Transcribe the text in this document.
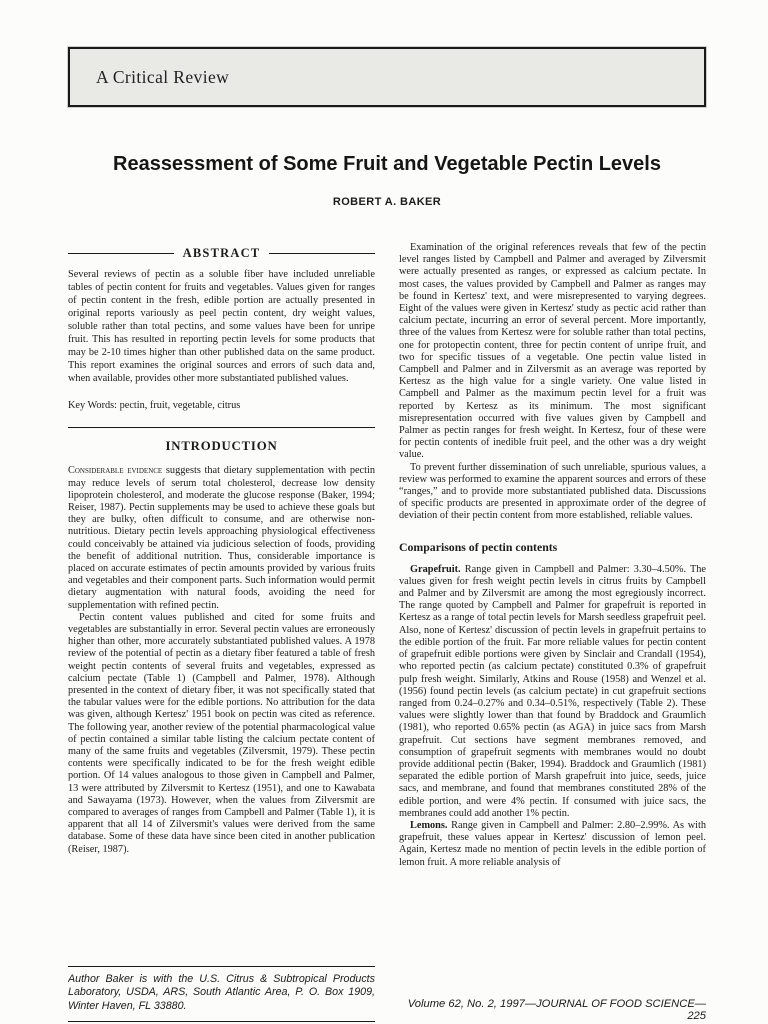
A Critical Review
Reassessment of Some Fruit and Vegetable Pectin Levels
ROBERT A. BAKER
ABSTRACT

Several reviews of pectin as a soluble fiber have included unreliable tables of pectin content for fruits and vegetables. Values given for ranges of pectin content in the fresh, edible portion are actually presented in original reports variously as peel pectin content, dry weight values, soluble rather than total pectins, and some values have been for unripe fruit. This has resulted in reporting pectin levels for some products that may be 2-10 times higher than other published data on the same product. This report examines the original sources and errors of such data and, when available, provides other more substantiated published values.

Key Words: pectin, fruit, vegetable, citrus

INTRODUCTION

Considerable evidence suggests that dietary supplementation with pectin may reduce levels of serum total cholesterol, decrease low density lipoprotein cholesterol, and moderate the glucose response (Baker, 1994; Reiser, 1987). Pectin supplements may be used to achieve these goals but they are bulky, often difficult to consume, and are otherwise non-nutritious. Dietary pectin levels approaching physiological effectiveness could conceivably be attained via judicious selection of foods, providing the benefit of additional nutrition. Thus, considerable importance is placed on accurate estimates of pectin amounts provided by various fruits and vegetables and their component parts. Such information would permit dietary augmentation with natural foods, avoiding the need for supplementation with refined pectin.

Pectin content values published and cited for some fruits and vegetables are substantially in error. Several pectin values are erroneously higher than other, more accurately substantiated published values. A 1978 review of the potential of pectin as a dietary fiber featured a table of fresh weight pectin contents of several fruits and vegetables, expressed as calcium pectate (Table 1) (Campbell and Palmer, 1978). Although presented in the context of dietary fiber, it was not specifically stated that the tabular values were for the edible portions. No attribution for the data was given, although Kertesz' 1951 book on pectin was cited as reference. The following year, another review of the potential pharmacological value of pectin contained a similar table listing the calcium pectate content of many of the same fruits and vegetables (Zilversmit, 1979). These pectin contents were specifically indicated to be for the fresh weight edible portion. Of 14 values analogous to those given in Campbell and Palmer, 13 were attributed by Zilversmit to Kertesz (1951), and one to Kawabata and Sawayama (1973). However, when the values from Zilversmit are compared to averages of ranges from Campbell and Palmer (Table 1), it is apparent that all 14 of Zilversmit's values were derived from the same database. Some of these data have since been cited in another publication (Reiser, 1987).

Author Baker is with the U.S. Citrus & Subtropical Products Laboratory, USDA, ARS, South Atlantic Area, P. O. Box 1909, Winter Haven, FL 33880.

Examination of the original references reveals that few of the pectin level ranges listed by Campbell and Palmer and averaged by Zilversmit were actually presented as ranges, or expressed as calcium pectate. In most cases, the values provided by Campbell and Palmer as ranges may be found in Kertesz' text, and were misrepresented to varying degrees. Eight of the values were given in Kertesz' study as pectic acid rather than calcium pectate, incurring an error of several percent. More importantly, three of the values from Kertesz were for soluble rather than total pectins, one for protopectin content, three for pectin content of unripe fruit, and two for specific tissues of a vegetable. One pectin value listed in Campbell and Palmer and in Zilversmit as an average was reported by Kertesz as the high value for a single variety. One value listed in Campbell and Palmer as the maximum pectin level for a fruit was reported by Kertesz as its minimum. The most significant misrepresentation occurred with five values given by Campbell and Palmer as pectin ranges for fresh weight. In Kertesz, four of these were for pectin contents of inedible fruit peel, and the other was a dry weight value.

To prevent further dissemination of such unreliable, spurious values, a review was performed to examine the apparent sources and errors of these “ranges,” and to provide more substantiated published data. Discussions of specific products are presented in approximate order of the degree of deviation of their pectin content from more established, reliable values.

Comparisons of pectin contents

Grapefruit. Range given in Campbell and Palmer: 3.30–4.50%. The values given for fresh weight pectin levels in citrus fruits by Campbell and Palmer and by Zilversmit are among the most egregiously incorrect. The range quoted by Campbell and Palmer for grapefruit is reported in Kertesz as a range of total pectin levels for Marsh seedless grapefruit peel. Also, none of Kertesz' discussion of pectin levels in grapefruit pertains to the edible portion of the fruit. Far more reliable values for pectin content of grapefruit edible portions were given by Sinclair and Crandall (1954), who reported pectin (as calcium pectate) constituted 0.3% of grapefruit pulp fresh weight. Similarly, Atkins and Rouse (1958) and Wenzel et al. (1956) found pectin levels (as calcium pectate) in cut grapefruit sections ranged from 0.24–0.27% and 0.34–0.51%, respectively (Table 2). These values were slightly lower than that found by Braddock and Graumlich (1981), who reported 0.65% pectin (as AGA) in juice sacs from Marsh grapefruit. Cut sections have segment membranes removed, and consumption of grapefruit segments with membranes would no doubt provide additional pectin (Baker, 1994). Braddock and Graumlich (1981) separated the edible portion of Marsh grapefruit into juice, seeds, juice sacs, and membrane, and found that membranes constituted 28% of the edible portion, and were 4% pectin. If consumed with juice sacs, the membranes could add another 1% pectin.

Lemons. Range given in Campbell and Palmer: 2.80–2.99%. As with grapefruit, these values appear in Kertesz' discussion of lemon peel. Again, Kertesz made no mention of pectin levels in the edible portion of lemon fruit. A more reliable analysis of

Volume 62, No. 2, 1997—JOURNAL OF FOOD SCIENCE—225
